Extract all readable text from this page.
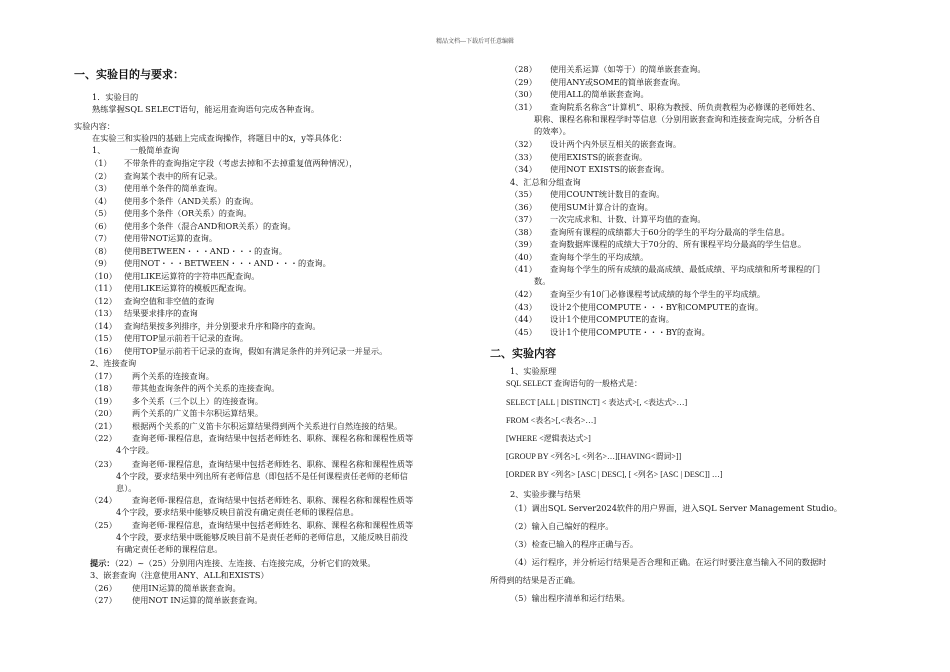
精品文档---下载后可任意编辑
一、实验目的与要求：
1．实验目的
熟练掌握SQL SELECT语句，能运用查询语句完成各种查询。
实验内容：
在实验三和实验四的基础上完成查询操作，将题目中的x，y等具体化：
1、	一般简单查询
（1） 不带条件的查询指定字段（考虑去掉和不去掉重复值两种情况），
（2） 查询某个表中的所有记录。
（3） 使用单个条件的简单查询。
（4） 使用多个条件（AND关系）的查询。
（5） 使用多个条件（OR关系）的查询。
（6） 使用多个条件（混合AND和OR关系）的查询。
（7） 使用带NOT运算的查询。
（8） 使用BETWEEN・・・AND・・・的查询。
（9） 使用NOT・・・BETWEEN・・・AND・・・的查询。
（10） 使用LIKE运算符的字符串匹配查询。
（11） 使用LIKE运算符的模板匹配查询。
（12） 查询空值和非空值的查询
（13） 结果要求排序的查询
（14） 查询结果按多列排序，并分别要求升序和降序的查询。
（15） 使用TOP显示前若干记录的查询。
（16） 使用TOP显示前若干记录的查询，假如有满足条件的并列记录一并显示。
2、连接查询
（17） 两个关系的连接查询。
（18） 带其他查询条件的两个关系的连接查询。
（19） 多个关系（三个以上）的连接查询。
（20） 两个关系的广义笛卡尔积运算结果。
（21） 根据两个关系的广义笛卡尔积运算结果得到两个关系进行自然连接的结果。
（22） 查询老师-课程信息，查询结果中包括老师姓名、职称、课程名称和课程性质等
4个字段。
（23） 查询老师-课程信息，查询结果中包括老师姓名、职称、课程名称和课程性质等
4个字段，要求结果中列出所有老师信息（即包括不是任何课程责任老师的老师信
息）。
（24） 查询老师-课程信息，查询结果中包括老师姓名、职称、课程名称和课程性质等
4个字段，要求结果中能够反映目前没有确定责任老师的课程信息。
（25） 查询老师-课程信息，查询结果中包括老师姓名、职称、课程名称和课程性质等
4个字段，要求结果中既能够反映目前不是责任老师的老师信息，又能反映目前没
有确定责任老师的课程信息。
提示：（22）~（25）分别用内连接、左连接、右连接完成，分析它们的效果。
3、嵌套查询（注意使用ANY、ALL和EXISTS）
（26） 使用IN运算的简单嵌套查询。
（27） 使用NOT IN运算的简单嵌套查询。
（28） 使用关系运算（如等于）的简单嵌套查询。
（29） 使用ANY或SOME的简单嵌套查询。
（30） 使用ALL的简单嵌套查询。
（31） 查询院系名称含“计算机”、职称为教授、所负责教程为必修课的老师姓名、
职称、课程名称和课程学时等信息（分别用嵌套查询和连接查询完成，分析各自
的效率）。
（32） 设计两个内外层互相关的嵌套查询。
（33） 使用EXISTS的嵌套查询。
（34） 使用NOT EXISTS的嵌套查询。
4、汇总和分组查询
（35） 使用COUNT统计数目的查询。
（36） 使用SUM计算合计的查询。
（37） 一次完成求和、计数、计算平均值的查询。
（38） 查询所有课程的成绩都大于60分的学生的平均分最高的学生信息。
（39） 查询数据库课程的成绩大于70分的、所有课程平均分最高的学生信息。
（40） 查询每个学生的平均成绩。
（41） 查询每个学生的所有成绩的最高成绩、最低成绩、平均成绩和所考课程的门
数。
（42） 查询至少有10门必修课程考试成绩的每个学生的平均成绩。
（43） 设计2个使用COMPUTE・・・BY和COMPUTE的查询。
（44） 设计1个使用COMPUTE的查询。
（45） 设计1个使用COMPUTE・・・BY的查询。
二、实验内容
1、实验原理
SQL SELECT 查询语句的一般格式是：
SELECT [ALL | DISTINCT] < 表达式>[, <表达式>…]
FROM <表名>[,<表名>…]
[WHERE <逻辑表达式>]
[GROUP BY <列名>[, <列名>…][HAVING<谓词>]]
[ORDER BY <列名> [ASC | DESC], [ <列名> [ASC | DESC]] …]
2、实验步骤与结果
（1）调出SQL Server2024软件的用户界面，进入SQL Server Management Studio。
（2）输入自己编好的程序。
（3）检查已输入的程序正确与否。
（4）运行程序，并分析运行结果是否合理和正确。在运行时要注意当输入不同的数据时
所得到的结果是否正确。
（5）输出程序清单和运行结果。
